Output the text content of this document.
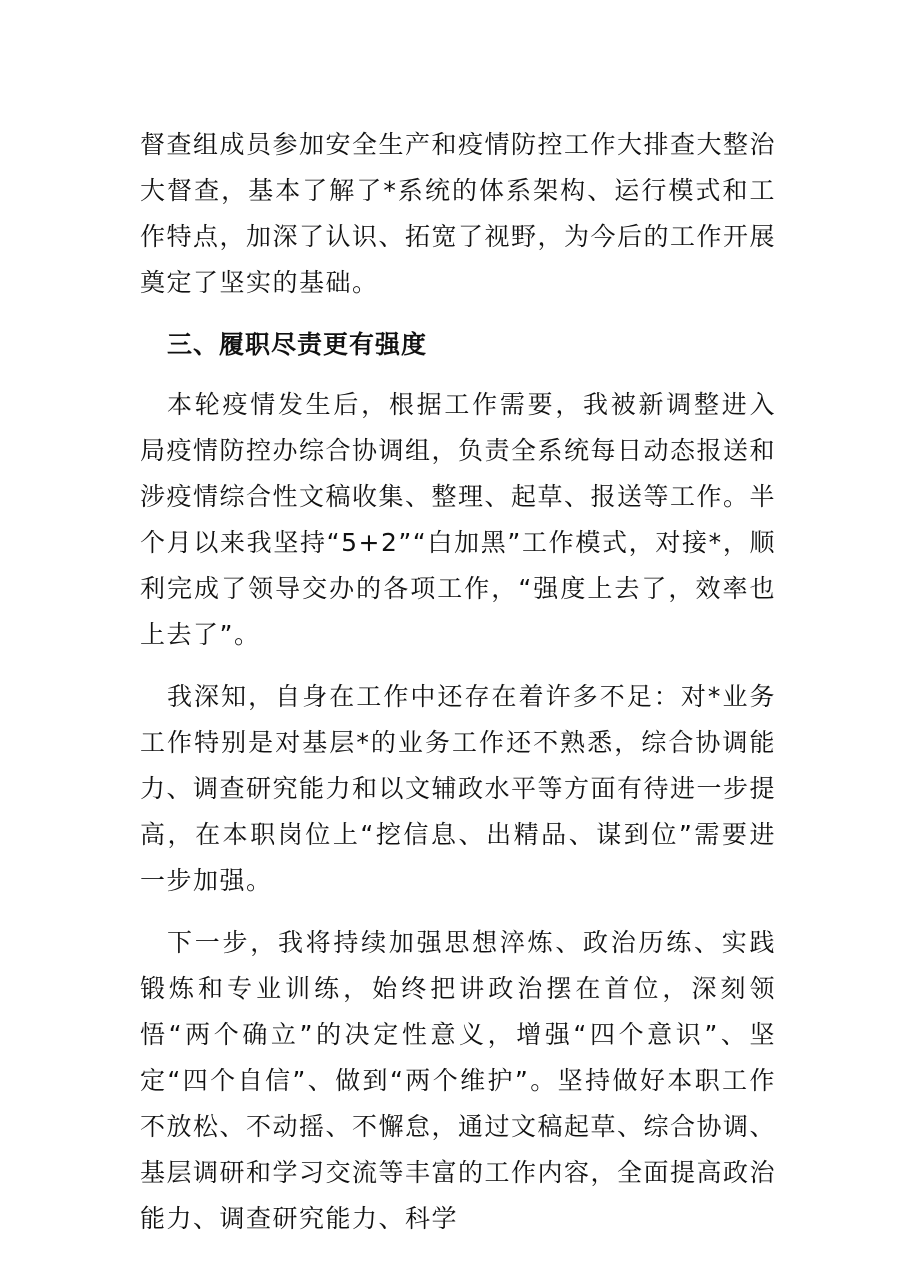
督查组成员参加安全生产和疫情防控工作大排查大整治大督查，基本了解了*系统的体系架构、运行模式和工作特点，加深了认识、拓宽了视野，为今后的工作开展奠定了坚实的基础。

三、履职尽责更有强度

本轮疫情发生后，根据工作需要，我被新调整进入局疫情防控办综合协调组，负责全系统每日动态报送和涉疫情综合性文稿收集、整理、起草、报送等工作。半个月以来我坚持“5+2”“白加黑”工作模式，对接*，顺利完成了领导交办的各项工作，“强度上去了，效率也上去了”。

我深知，自身在工作中还存在着许多不足：对*业务工作特别是对基层*的业务工作还不熟悉，综合协调能力、调查研究能力和以文辅政水平等方面有待进一步提高，在本职岗位上“挖信息、出精品、谋到位”需要进一步加强。

下一步，我将持续加强思想淬炼、政治历练、实践锻炼和专业训练，始终把讲政治摆在首位，深刻领悟“两个确立”的决定性意义，增强“四个意识”、坚定“四个自信”、做到“两个维护”。坚持做好本职工作不放松、不动摇、不懈怠，通过文稿起草、综合协调、基层调研和学习交流等丰富的工作内容，全面提高政治能力、调查研究能力、科学
